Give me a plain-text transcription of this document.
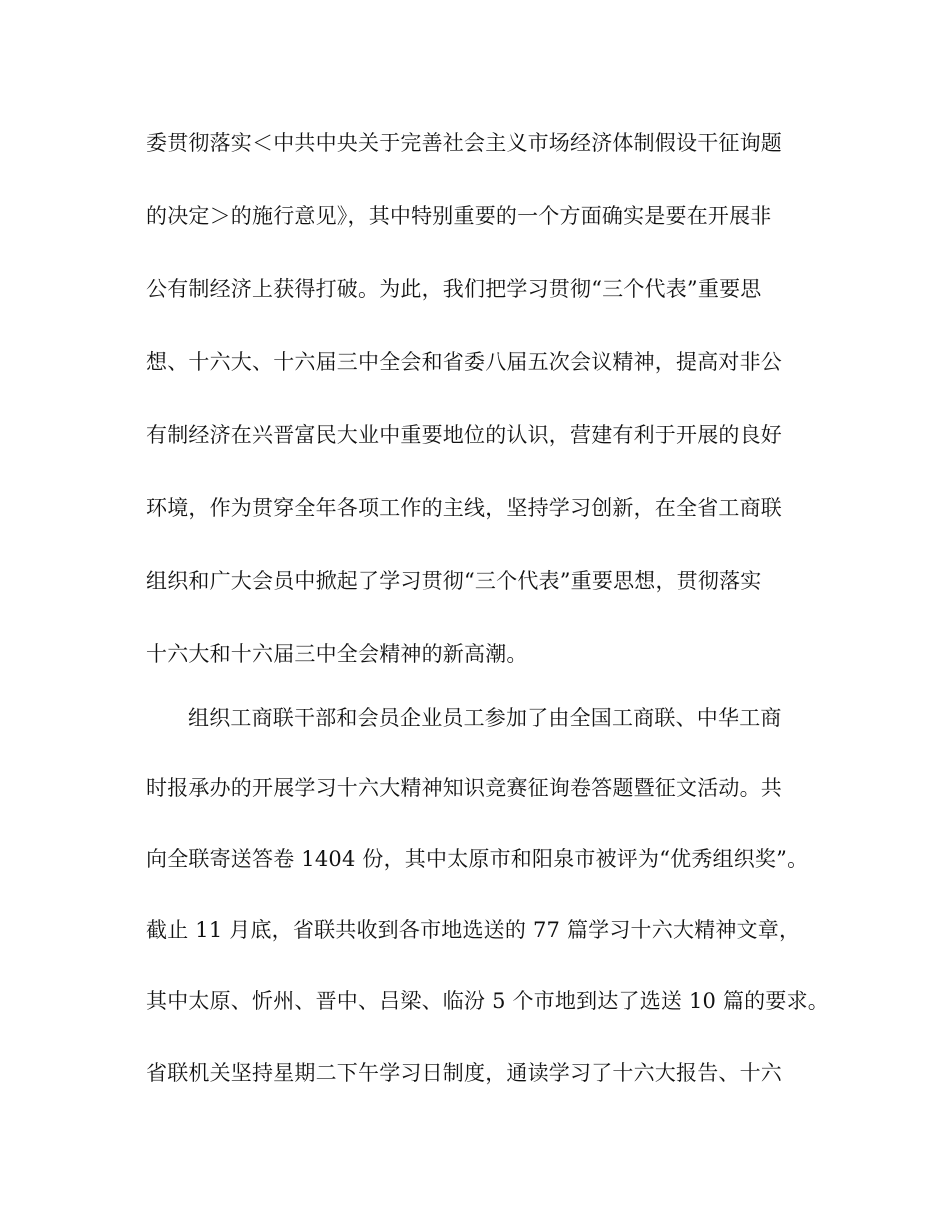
委贯彻落实＜中共中央关于完善社会主义市场经济体制假设干征询题
的决定＞的施行意见》，其中特别重要的一个方面确实是要在开展非
公有制经济上获得打破。为此，我们把学习贯彻“三个代表”重要思
想、十六大、十六届三中全会和省委八届五次会议精神，提高对非公
有制经济在兴晋富民大业中重要地位的认识，营建有利于开展的良好
环境，作为贯穿全年各项工作的主线，坚持学习创新，在全省工商联
组织和广大会员中掀起了学习贯彻“三个代表”重要思想，贯彻落实
十六大和十六届三中全会精神的新高潮。
组织工商联干部和会员企业员工参加了由全国工商联、中华工商
时报承办的开展学习十六大精神知识竞赛征询卷答题暨征文活动。共
向全联寄送答卷 1404 份，其中太原市和阳泉市被评为“优秀组织奖”。
截止 11 月底，省联共收到各市地选送的 77 篇学习十六大精神文章，
其中太原、忻州、晋中、吕梁、临汾 5 个市地到达了选送 10 篇的要求。
省联机关坚持星期二下午学习日制度，通读学习了十六大报告、十六
